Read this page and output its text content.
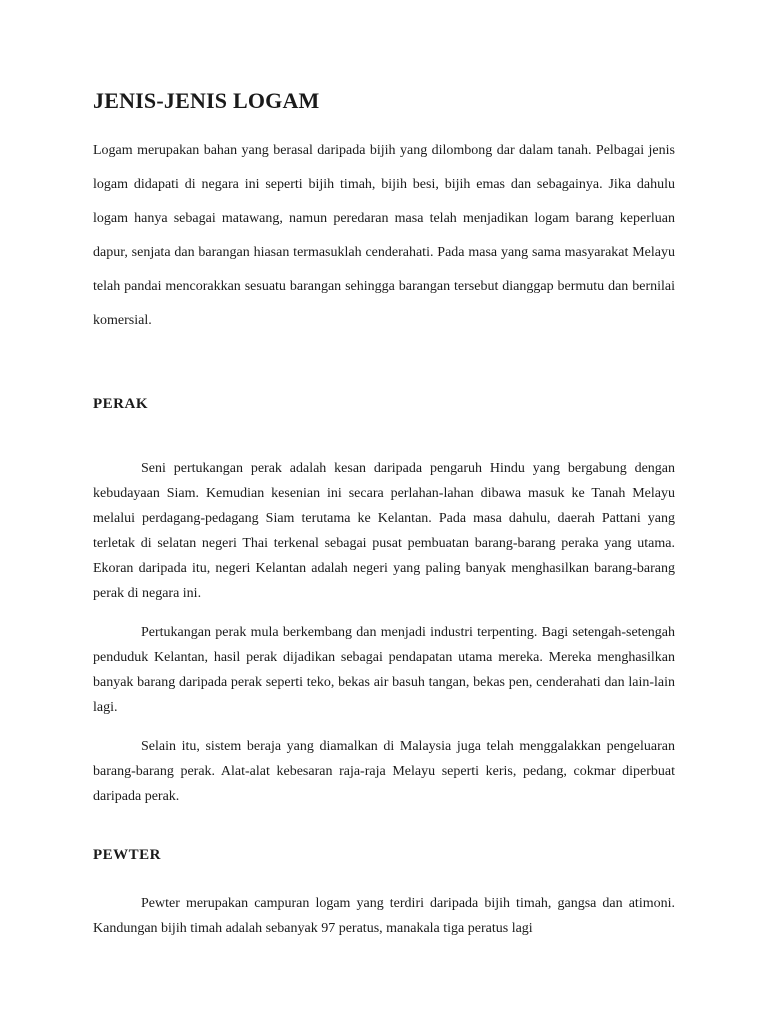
JENIS-JENIS LOGAM

Logam merupakan bahan yang berasal daripada bijih yang dilombong dar dalam tanah. Pelbagai jenis logam didapati di negara ini seperti bijih timah, bijih besi, bijih emas dan sebagainya. Jika dahulu logam hanya sebagai matawang, namun peredaran masa telah menjadikan logam barang keperluan dapur, senjata dan barangan hiasan termasuklah cenderahati. Pada masa yang sama masyarakat Melayu telah pandai mencorakkan sesuatu barangan sehingga barangan tersebut dianggap bermutu dan bernilai komersial.

PERAK

Seni pertukangan perak adalah kesan daripada pengaruh Hindu yang bergabung dengan kebudayaan Siam. Kemudian kesenian ini secara perlahan-lahan dibawa masuk ke Tanah Melayu melalui perdagang-pedagang Siam terutama ke Kelantan. Pada masa dahulu, daerah Pattani yang terletak di selatan negeri Thai terkenal sebagai pusat pembuatan barang-barang peraka yang utama. Ekoran daripada itu, negeri Kelantan adalah negeri yang paling banyak menghasilkan barang-barang perak di negara ini.

Pertukangan perak mula berkembang dan menjadi industri terpenting. Bagi setengah-setengah penduduk Kelantan, hasil perak dijadikan sebagai pendapatan utama mereka. Mereka menghasilkan banyak barang daripada perak seperti teko, bekas air basuh tangan, bekas pen, cenderahati dan lain-lain lagi.

Selain itu, sistem beraja yang diamalkan di Malaysia juga telah menggalakkan pengeluaran barang-barang perak. Alat-alat kebesaran raja-raja Melayu seperti keris, pedang, cokmar diperbuat daripada perak.

PEWTER

Pewter merupakan campuran logam yang terdiri daripada bijih timah, gangsa dan atimoni. Kandungan bijih timah adalah sebanyak 97 peratus, manakala tiga peratus lagi
